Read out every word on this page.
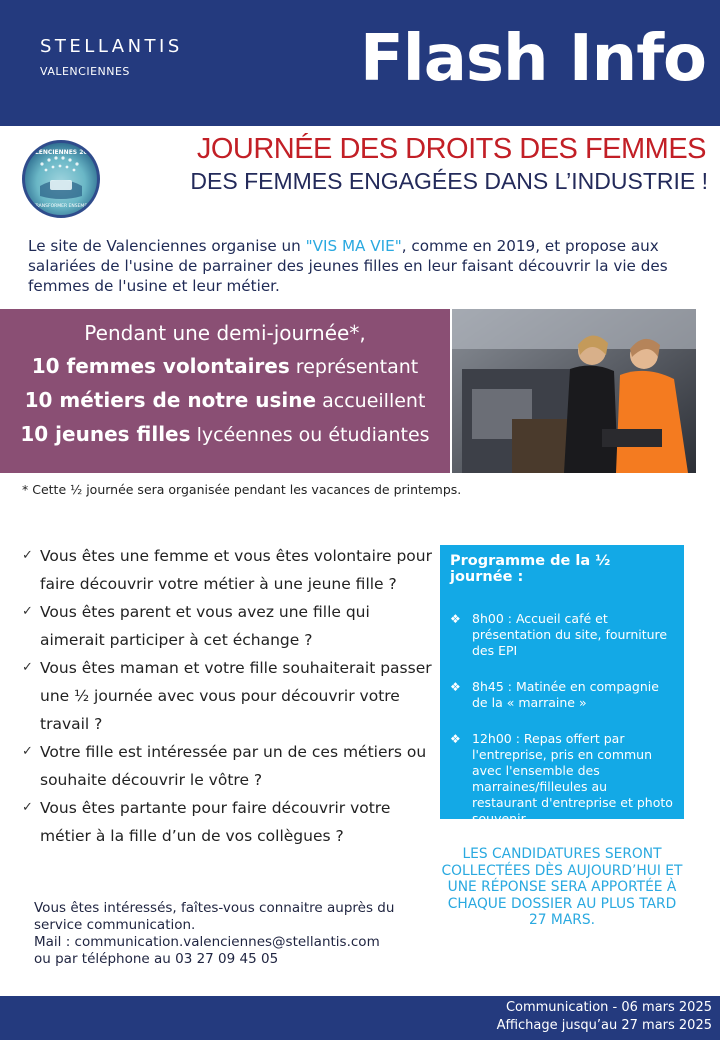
STELLANTIS
VALENCIENNES	Flash Info
VALENCIENNES 2025
#TRANSFORMER ENSEMBLE
JOURNÉE DES DROITS DES FEMMES
DES FEMMES ENGAGÉES DANS L’INDUSTRIE !
Le site de Valenciennes organise un "VIS MA VIE", comme en 2019, et propose aux salariées de l'usine de parrainer des jeunes filles en leur faisant découvrir la vie des femmes de l'usine et leur métier.
Pendant une demi-journée*,
10 femmes volontaires représentant
10 métiers de notre usine accueillent
10 jeunes filles lycéennes ou étudiantes
* Cette ½ journée sera organisée pendant les vacances de printemps.
✓ Vous êtes une femme et vous êtes volontaire pour faire découvrir votre métier à une jeune fille ?
✓ Vous êtes parent et vous avez une fille qui aimerait participer à cet échange ?
✓ Vous êtes maman et votre fille souhaiterait passer une ½ journée avec vous pour découvrir votre travail ?
✓ Votre fille est intéressée par un de ces métiers ou souhaite découvrir le vôtre ?
✓ Vous êtes partante pour faire découvrir votre métier à la fille d’un de vos collègues ?
Vous êtes intéressés, faîtes-vous connaitre auprès du service communication.
Mail : communication.valenciennes@stellantis.com
ou par téléphone au 03 27 09 45 05
Programme de la ½ journée :
❖ 8h00 : Accueil café et présentation du site, fourniture des EPI
❖ 8h45 : Matinée en compagnie de la « marraine »
❖ 12h00 : Repas offert par l'entreprise, pris en commun avec l'ensemble des marraines/filleules au restaurant d'entreprise et photo souvenir.
LES CANDIDATURES SERONT COLLECTÉES DÈS AUJOURD’HUI ET UNE RÉPONSE SERA APPORTÉE À CHAQUE DOSSIER AU PLUS TARD 27 MARS.
Communication - 06 mars 2025
Affichage jusqu’au 27 mars 2025
